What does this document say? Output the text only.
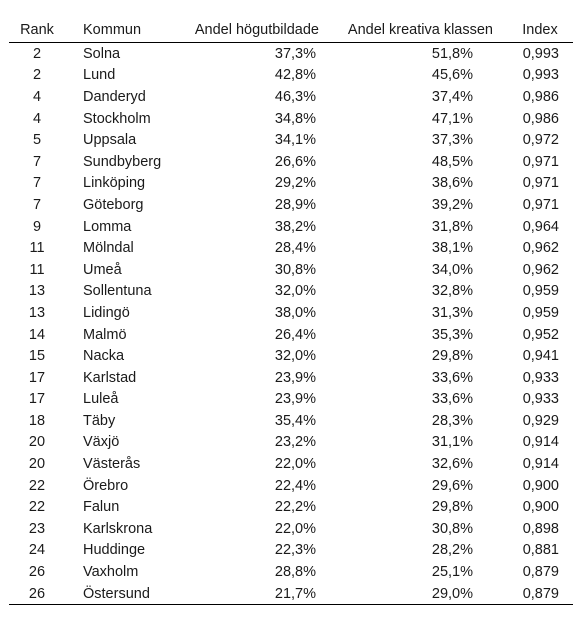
Rank	Kommun	Andel högutbildade	Andel kreativa klassen	Index
2	Solna	37,3%	51,8%	0,993
2	Lund	42,8%	45,6%	0,993
4	Danderyd	46,3%	37,4%	0,986
4	Stockholm	34,8%	47,1%	0,986
5	Uppsala	34,1%	37,3%	0,972
7	Sundbyberg	26,6%	48,5%	0,971
7	Linköping	29,2%	38,6%	0,971
7	Göteborg	28,9%	39,2%	0,971
9	Lomma	38,2%	31,8%	0,964
11	Mölndal	28,4%	38,1%	0,962
11	Umeå	30,8%	34,0%	0,962
13	Sollentuna	32,0%	32,8%	0,959
13	Lidingö	38,0%	31,3%	0,959
14	Malmö	26,4%	35,3%	0,952
15	Nacka	32,0%	29,8%	0,941
17	Karlstad	23,9%	33,6%	0,933
17	Luleå	23,9%	33,6%	0,933
18	Täby	35,4%	28,3%	0,929
20	Växjö	23,2%	31,1%	0,914
20	Västerås	22,0%	32,6%	0,914
22	Örebro	22,4%	29,6%	0,900
22	Falun	22,2%	29,8%	0,900
23	Karlskrona	22,0%	30,8%	0,898
24	Huddinge	22,3%	28,2%	0,881
26	Vaxholm	28,8%	25,1%	0,879
26	Östersund	21,7%	29,0%	0,879
